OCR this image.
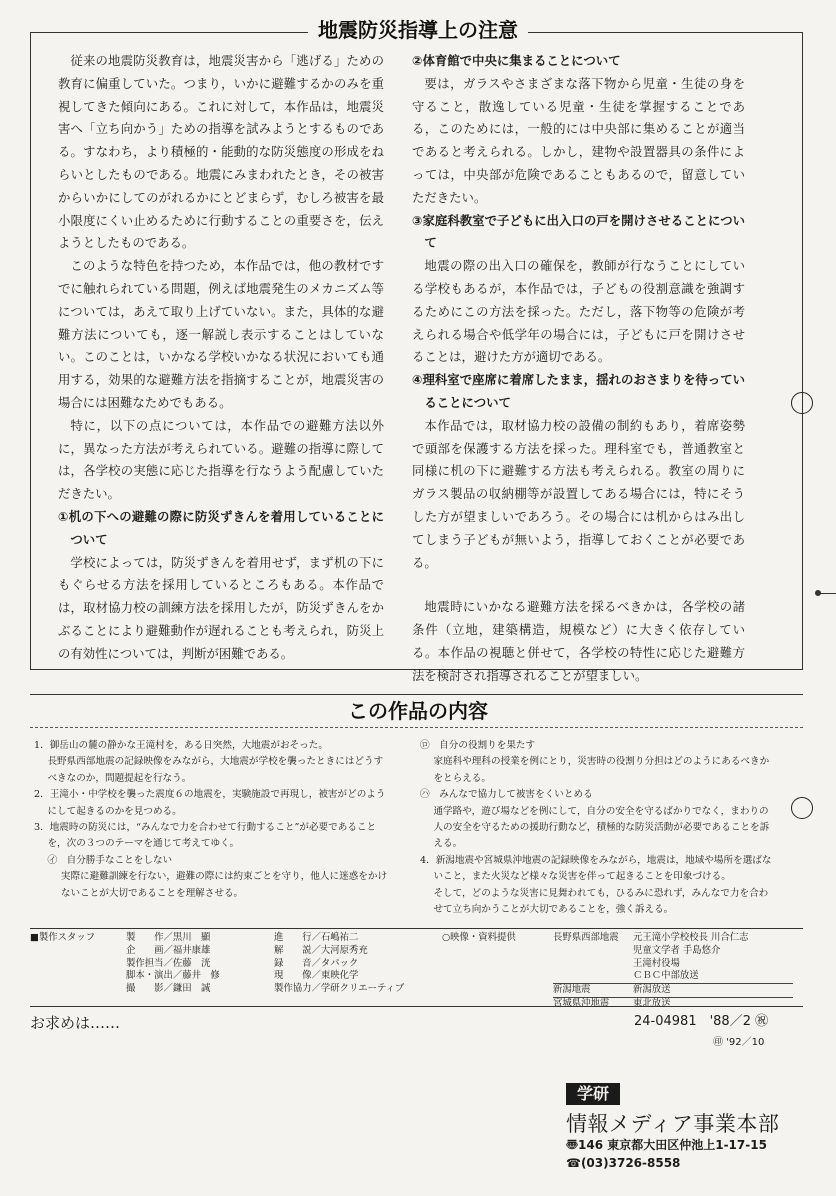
地震防災指導上の注意

従来の地震防災教育は，地震災害から「逃げる」ための教育に偏重していた。つまり，いかに避難するかのみを重視してきた傾向にある。これに対して，本作品は，地震災害へ「立ち向かう」ための指導を試みようとするものである。すなわち，より積極的・能動的な防災態度の形成をねらいとしたものである。地震にみまわれたとき，その被害からいかにしてのがれるかにとどまらず，むしろ被害を最小限度にくい止めるために行動することの重要さを，伝えようとしたものである。

このような特色を持つため，本作品では，他の教材ですでに触れられている問題，例えば地震発生のメカニズム等については，あえて取り上げていない。また，具体的な避難方法についても，逐一解説し表示することはしていない。このことは，いかなる学校いかなる状況においても通用する，効果的な避難方法を指摘することが，地震災害の場合には困難なためでもある。

特に，以下の点については，本作品での避難方法以外に，異なった方法が考えられている。避難の指導に際しては，各学校の実態に応じた指導を行なうよう配慮していただきたい。

①机の下への避難の際に防災ずきんを着用していることについて

学校によっては，防災ずきんを着用せず，まず机の下にもぐらせる方法を採用しているところもある。本作品では，取材協力校の訓練方法を採用したが，防災ずきんをかぶることにより避難動作が遅れることも考えられ，防災上の有効性については，判断が困難である。

②体育館で中央に集まることについて

要は，ガラスやさまざまな落下物から児童・生徒の身を守ること，散逸している児童・生徒を掌握することである，このためには，一般的には中央部に集めることが適当であると考えられる。しかし，建物や設置器具の条件によっては，中央部が危険であることもあるので，留意していただきたい。

③家庭科教室で子どもに出入口の戸を開けさせることについて

地震の際の出入口の確保を，教師が行なうことにしている学校もあるが，本作品では，子どもの役割意識を強調するためにこの方法を採った。ただし，落下物等の危険が考えられる場合や低学年の場合には，子どもに戸を開けさせることは，避けた方が適切である。

④理科室で座席に着席したまま，揺れのおさまりを待っていることについて

本作品では，取材協力校の設備の制約もあり，着席姿勢で頭部を保護する方法を採った。理科室でも，普通教室と同様に机の下に避難する方法も考えられる。教室の周りにガラス製品の収納棚等が設置してある場合には，特にそうした方が望ましいであろう。その場合には机からはみ出してしまう子どもが無いよう，指導しておくことが必要である。

地震時にいかなる避難方法を採るべきかは，各学校の諸条件（立地，建築構造，規模など）に大きく依存している。本作品の視聴と併せて，各学校の特性に応じた避難方法を検討され指導されることが望ましい。

この作品の内容

1．御岳山の麓の静かな王滝村を，ある日突然，大地震がおそった。

長野県西部地震の記録映像をみながら，大地震が学校を襲ったときにはどうすべきなのか，問題提起を行なう。

2．王滝小・中学校を襲った震度６の地震を，実験施設で再現し，被害がどのようにして起きるのかを見つめる。

3．地震時の防災には，“みんなで力を合わせて行動すること”が必要であることを，次の３つのテーマを通じて考えてゆく。

㋑　自分勝手なことをしない

実際に避難訓練を行ない，避難の際には約束ごとを守り，他人に迷惑をかけないことが大切であることを理解させる。

㋺　自分の役割りを果たす

家庭科や理科の授業を例にとり，災害時の役割り分担はどのようにあるべきかをとらえる。

㋩　みんなで協力して被害をくいとめる

通学路や，遊び場などを例にして，自分の安全を守るばかりでなく，まわりの人の安全を守るための援助行動など，積極的な防災活動が必要であることを訴える。

4．新潟地震や宮城県沖地震の記録映像をみながら，地震は，地域や場所を選ばないこと，また火災など様々な災害を伴って起きることを印象づける。

そして，どのような災害に見舞われても，ひるみに恐れず，みんなで力を合わせて立ち向かうことが大切であることを，強く訴える。

■製作スタッフ	製　　作／黒川　顯	進　　行／石嶋祐二
企　　画／福井康雄	解　　説／大河原秀充
製作担当／佐藤　洸	録　　音／タパック
脚本・演出／藤井　修	現　　像／東映化学
撮　　影／鎌田　誠	製作協力／学研クリエーティブ
○映像・資料提供	長野県西部地震	元王滝小学校校長 川合仁志
児童文学者 手島悠介
王滝村役場
ＣＢＣ中部放送
新潟地震	新潟放送
宮城県沖地震	東北放送
お求めは……	24-04981　'88／2 ㊗
㊞ '92／10
学研
情報メディア事業本部
〠146 東京都大田区仲池上1-17-15
☎(03)3726-8558
